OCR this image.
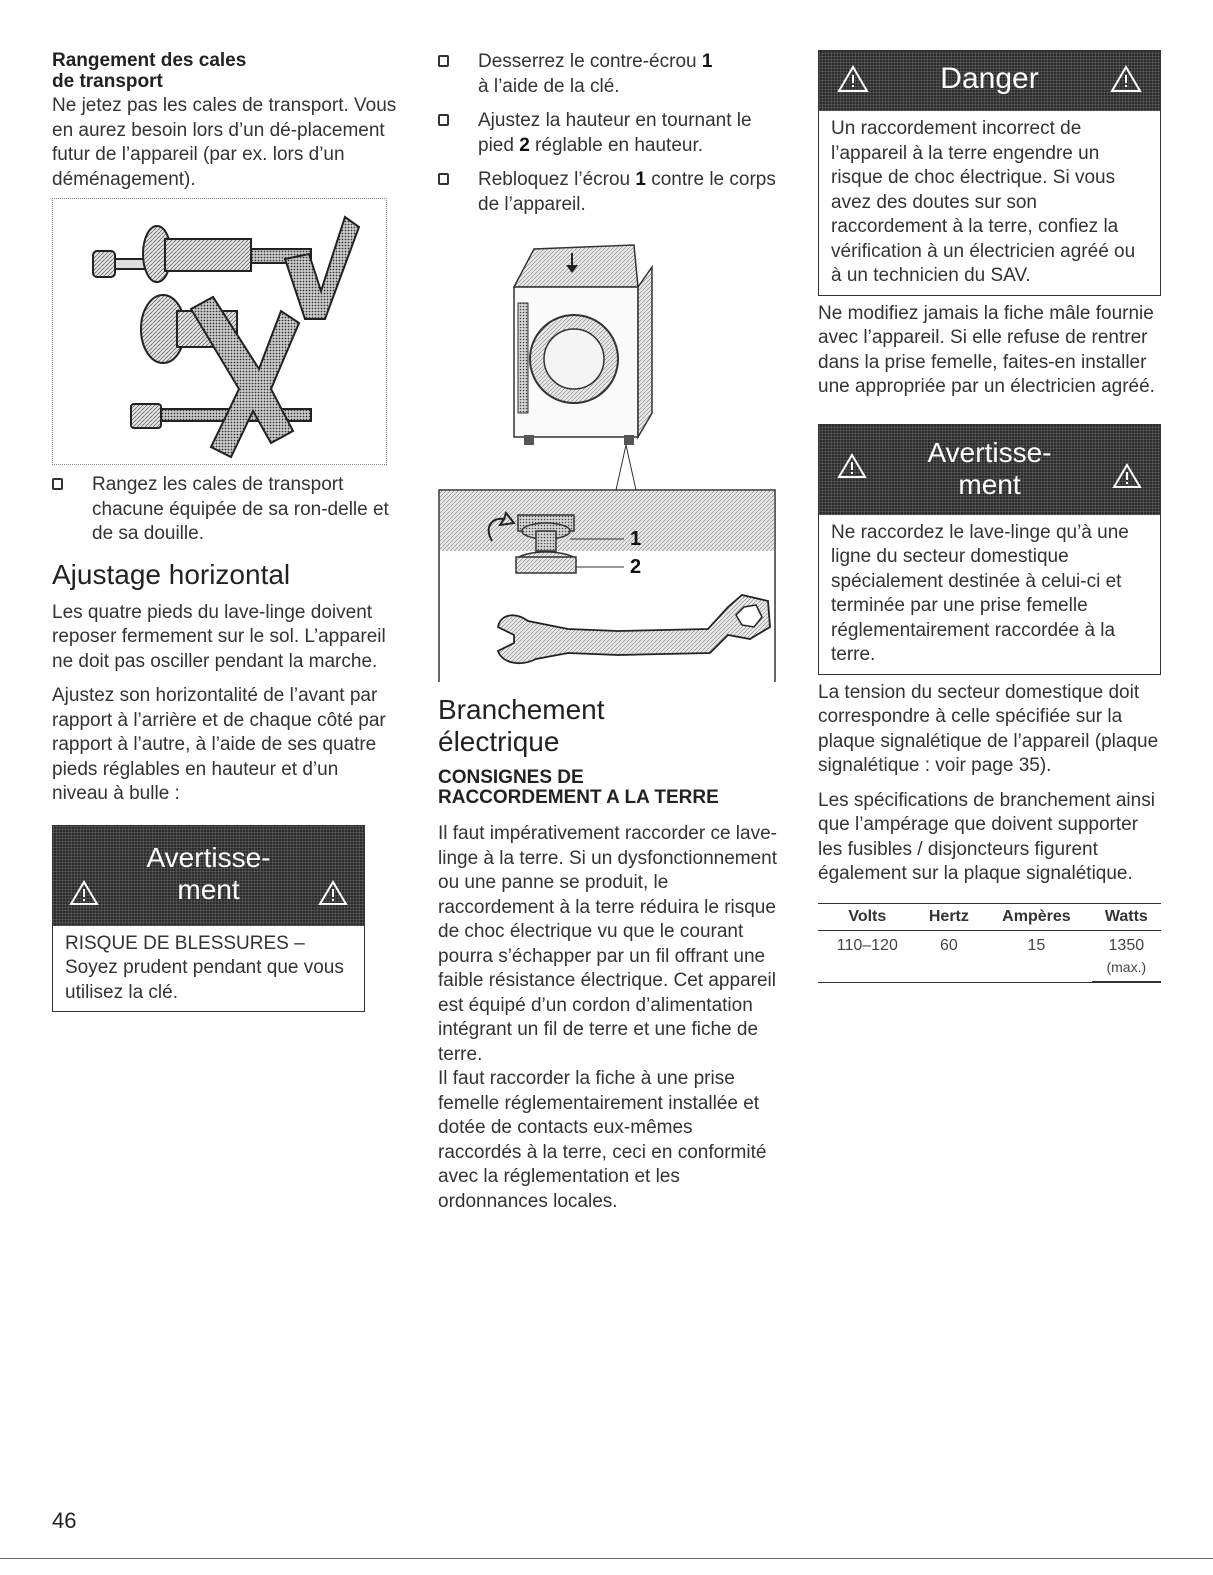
Rangement des cales
de transport

Ne jetez pas les cales de transport. Vous en aurez besoin lors d’un dé-placement futur de l’appareil (par ex. lors d’un déménagement).

Rangez les cales de transport chacune équipée de sa ron-delle et de sa douille.

Ajustage horizontal

Les quatre pieds du lave-linge doivent reposer fermement sur le sol. L’appareil ne doit pas osciller pendant la marche.

Ajustez son horizontalité de l’avant par rapport à l’arrière et de chaque côté par rapport à l’autre, à l’aide de ses quatre pieds réglables en hauteur et d’un niveau à bulle :

Avertisse-
ment
RISQUE DE BLESSURES –
Soyez prudent pendant que vous utilisez la clé.

Desserrez le contre-écrou 1
à l’aide de la clé.

Ajustez la hauteur en tournant le pied 2 réglable en hauteur.

Rebloquez l’écrou 1 contre le corps de l’appareil.

1
2
Branchement
électrique
CONSIGNES DE
RACCORDEMENT A LA TERRE

Il faut impérativement raccorder ce lave-linge à la terre. Si un dysfonctionnement ou une panne se produit, le raccordement à la terre réduira le risque de choc électrique vu que le courant pourra s’échapper par un fil offrant une faible résistance électrique. Cet appareil est équipé d’un cordon d’alimentation intégrant un fil de terre et une fiche de terre.

Il faut raccorder la fiche à une prise femelle réglementairement installée et dotée de contacts eux-mêmes raccordés à la terre, ceci en conformité avec la réglementation et les ordonnances locales.

Danger
Un raccordement incorrect de l’appareil à la terre engendre un risque de choc électrique. Si vous avez des doutes sur son raccordement à la terre, confiez la vérification à un électricien agréé ou à un technicien du SAV.

Ne modifiez jamais la fiche mâle fournie avec l’appareil. Si elle refuse de rentrer dans la prise femelle, faites-en installer une appropriée par un électricien agréé.

Avertisse-
ment
Ne raccordez le lave-linge qu’à une ligne du secteur domestique spécialement destinée à celui-ci et terminée par une prise femelle réglementairement raccordée à la terre.

La tension du secteur domestique doit correspondre à celle spécifiée sur la plaque signalétique de l’appareil (plaque signalétique : voir page 35).

Les spécifications de branchement ainsi que l’ampérage que doivent supporter les fusibles / disjoncteurs figurent également sur la plaque signalétique.

Volts	Hertz	Ampères	Watts
110–120	60	15	1350
			(max.)
46
